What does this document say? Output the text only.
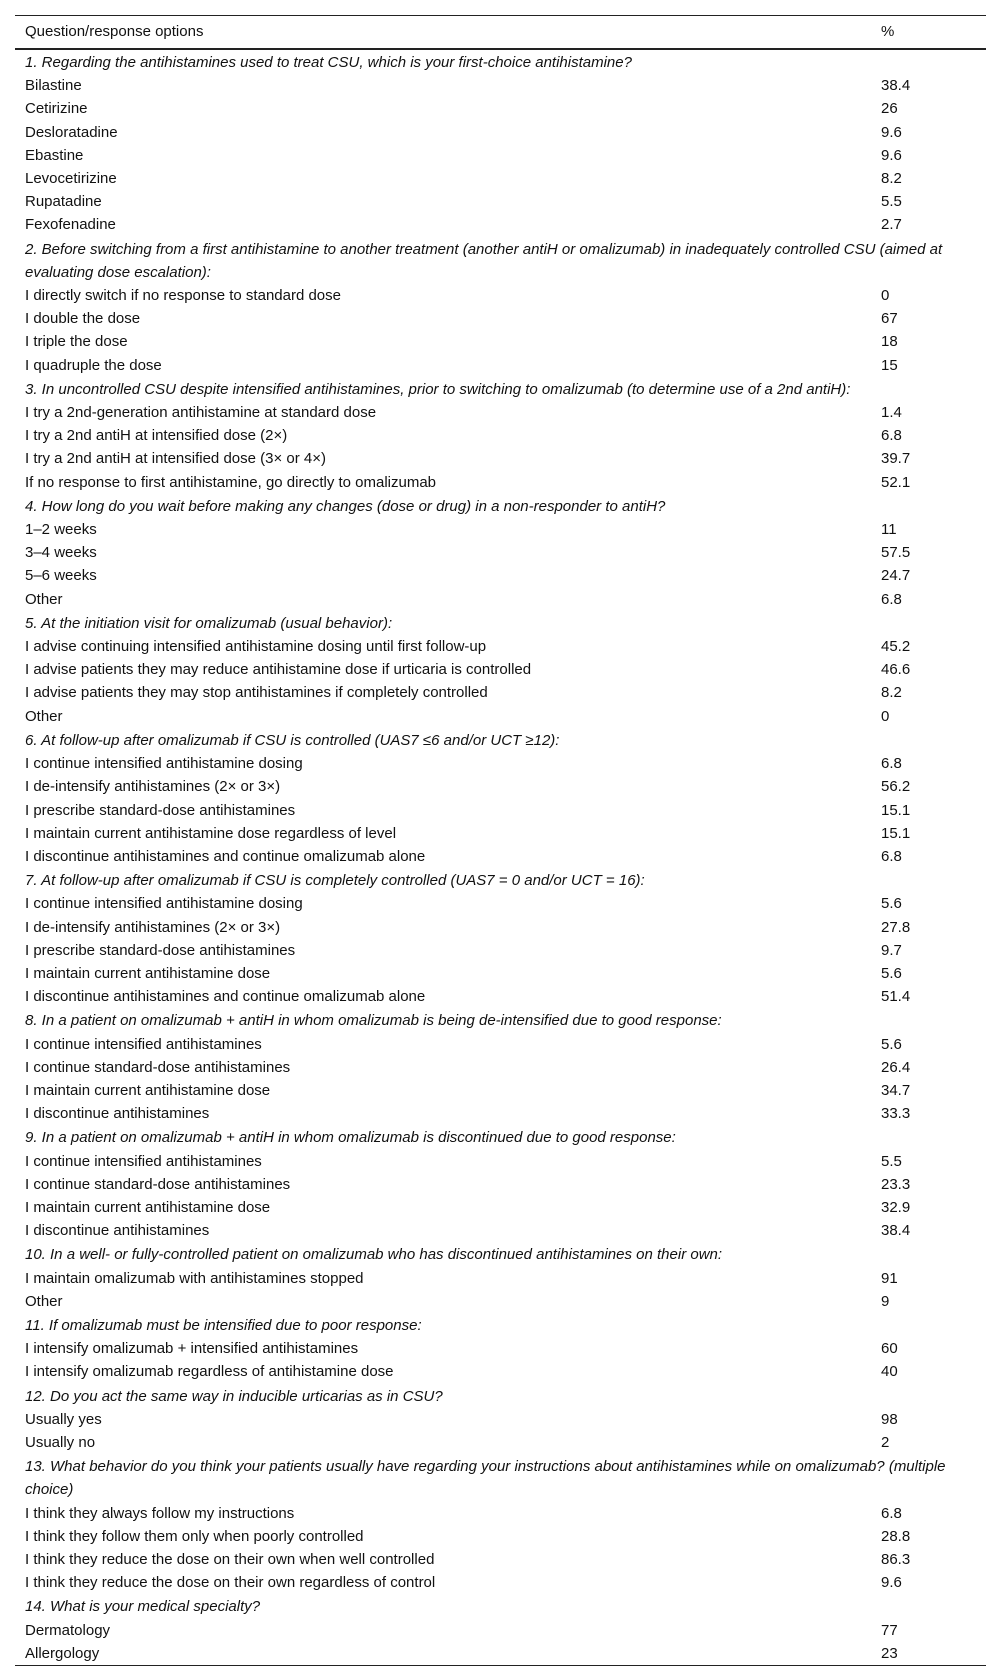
Question/response options	%
1. Regarding the antihistamines used to treat CSU, which is your first-choice antihistamine?	
Bilastine	38.4
Cetirizine	26
Desloratadine	9.6
Ebastine	9.6
Levocetirizine	8.2
Rupatadine	5.5
Fexofenadine	2.7
2. Before switching from a first antihistamine to another treatment (another antiH or omalizumab) in inadequately controlled CSU (aimed at evaluating dose escalation):	
I directly switch if no response to standard dose	0
I double the dose	67
I triple the dose	18
I quadruple the dose	15
3. In uncontrolled CSU despite intensified antihistamines, prior to switching to omalizumab (to determine use of a 2nd antiH):	
I try a 2nd-generation antihistamine at standard dose	1.4
I try a 2nd antiH at intensified dose (2×)	6.8
I try a 2nd antiH at intensified dose (3× or 4×)	39.7
If no response to first antihistamine, go directly to omalizumab	52.1
4. How long do you wait before making any changes (dose or drug) in a non-responder to antiH?	
1–2 weeks	11
3–4 weeks	57.5
5–6 weeks	24.7
Other	6.8
5. At the initiation visit for omalizumab (usual behavior):	
I advise continuing intensified antihistamine dosing until first follow-up	45.2
I advise patients they may reduce antihistamine dose if urticaria is controlled	46.6
I advise patients they may stop antihistamines if completely controlled	8.2
Other	0
6. At follow-up after omalizumab if CSU is controlled (UAS7 ≤6 and/or UCT ≥12):	
I continue intensified antihistamine dosing	6.8
I de-intensify antihistamines (2× or 3×)	56.2
I prescribe standard-dose antihistamines	15.1
I maintain current antihistamine dose regardless of level	15.1
I discontinue antihistamines and continue omalizumab alone	6.8
7. At follow-up after omalizumab if CSU is completely controlled (UAS7 = 0 and/or UCT = 16):	
I continue intensified antihistamine dosing	5.6
I de-intensify antihistamines (2× or 3×)	27.8
I prescribe standard-dose antihistamines	9.7
I maintain current antihistamine dose	5.6
I discontinue antihistamines and continue omalizumab alone	51.4
8. In a patient on omalizumab + antiH in whom omalizumab is being de-intensified due to good response:	
I continue intensified antihistamines	5.6
I continue standard-dose antihistamines	26.4
I maintain current antihistamine dose	34.7
I discontinue antihistamines	33.3
9. In a patient on omalizumab + antiH in whom omalizumab is discontinued due to good response:	
I continue intensified antihistamines	5.5
I continue standard-dose antihistamines	23.3
I maintain current antihistamine dose	32.9
I discontinue antihistamines	38.4
10. In a well- or fully-controlled patient on omalizumab who has discontinued antihistamines on their own:	
I maintain omalizumab with antihistamines stopped	91
Other	9
11. If omalizumab must be intensified due to poor response:	
I intensify omalizumab + intensified antihistamines	60
I intensify omalizumab regardless of antihistamine dose	40
12. Do you act the same way in inducible urticarias as in CSU?	
Usually yes	98
Usually no	2
13. What behavior do you think your patients usually have regarding your instructions about antihistamines while on omalizumab? (multiple choice)	
I think they always follow my instructions	6.8
I think they follow them only when poorly controlled	28.8
I think they reduce the dose on their own when well controlled	86.3
I think they reduce the dose on their own regardless of control	9.6
14. What is your medical specialty?	
Dermatology	77
Allergology	23
